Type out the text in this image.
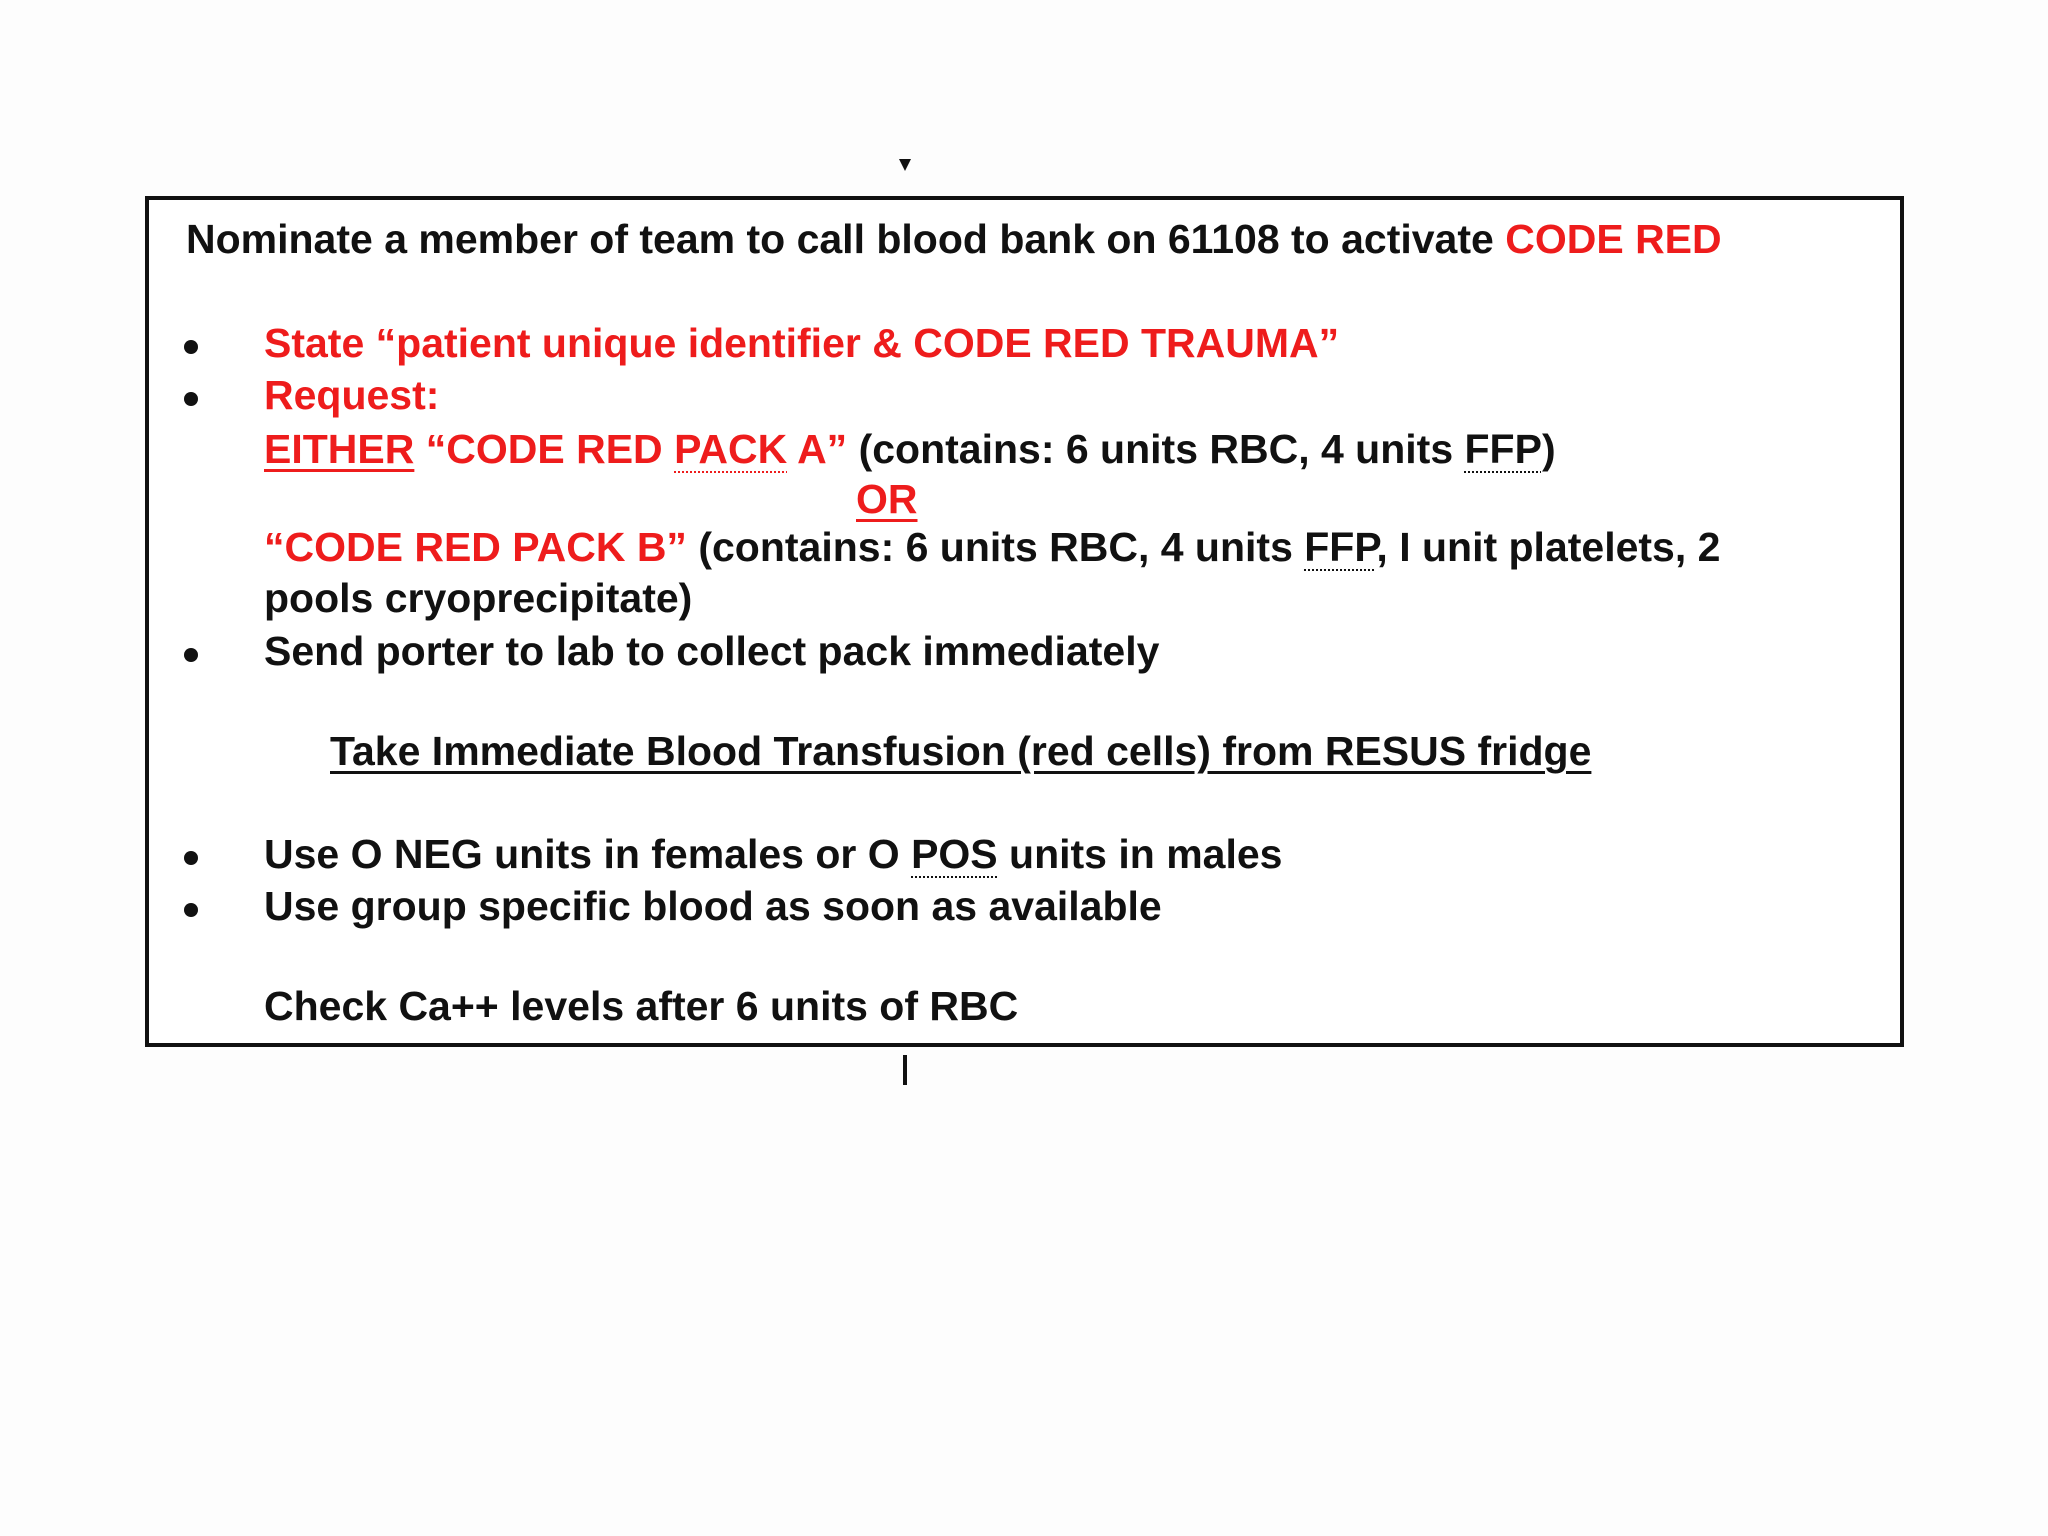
Nominate a member of team to call blood bank on 61108 to activate CODE RED
State “patient unique identifier & CODE RED TRAUMA”
Request:
EITHER “CODE RED PACK A” (contains: 6 units RBC, 4 units FFP)
OR
“CODE RED PACK B” (contains: 6 units RBC, 4 units FFP, I unit platelets, 2
pools cryoprecipitate)
Send porter to lab to collect pack immediately
Take Immediate Blood Transfusion (red cells) from RESUS fridge
Use O NEG units in females or O POS units in males
Use group specific blood as soon as available
Check Ca++ levels after 6 units of RBC
